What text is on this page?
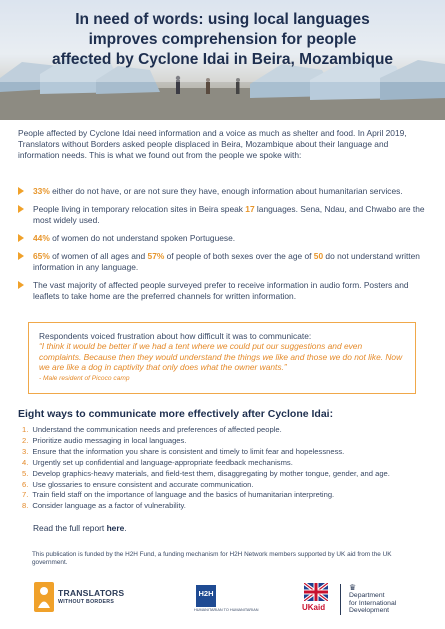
In need of words: using local languages
improves comprehension for people
affected by Cyclone Idai in Beira, Mozambique

People affected by Cyclone Idai need information and a voice as much as shelter and food. In April 2019, Translators without Borders asked people displaced in Beira, Mozambique about their language and information needs. This is what we found out from the people we spoke with:

33% either do not have, or are not sure they have, enough information about humanitarian services.
People living in temporary relocation sites in Beira speak 17 languages. Sena, Ndau, and Chwabo are the most widely used.
44% of women do not understand spoken Portuguese.
65% of women of all ages and 57% of people of both sexes over the age of 50 do not understand written information in any language.
The vast majority of affected people surveyed prefer to receive information in audio form. Posters and leaflets to take home are the preferred channels for written information.
Respondents voiced frustration about how difficult it was to communicate:
“I think it would be better if we had a tent where we could put our suggestions and even complaints. Because then they would understand the things we like and those we do not like. Now we are like a dog in captivity that only does what the owner wants.”
- Male resident of Picoco camp
Eight ways to communicate more effectively after Cyclone Idai:
1. Understand the communication needs and preferences of affected people.
2. Prioritize audio messaging in local languages.
3. Ensure that the information you share is consistent and timely to limit fear and hopelessness.
4. Urgently set up confidential and language-appropriate feedback mechanisms.
5. Develop graphics-heavy materials, and field-test them, disaggregating by mother tongue, gender, and age.
6. Use glossaries to ensure consistent and accurate communication.
7. Train field staff on the importance of language and the basics of humanitarian interpreting.
8. Consider language as a factor of vulnerability.
Read the full report here.

This publication is funded by the H2H Fund, a funding mechanism for H2H Network members supported by UK aid from the UK government.

TRANSLATORS
WITHOUT BORDERS
H2H
HUMANITARIAN TO HUMANITARIAN	UKaid
♛
Department
for International
Development
